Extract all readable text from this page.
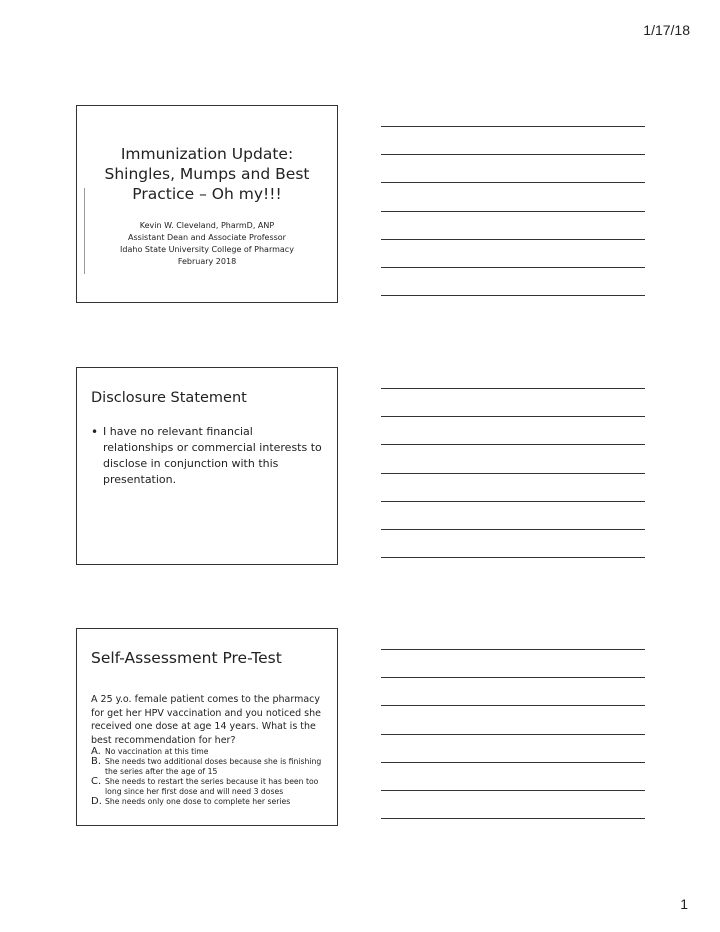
1/17/18
Immunization Update:
Shingles, Mumps and Best
Practice – Oh my!!!
Kevin W. Cleveland, PharmD, ANP
Assistant Dean and Associate Professor
Idaho State University College of Pharmacy
February 2018
Disclosure Statement
• I have no relevant financial relationships or commercial interests to disclose in conjunction with this presentation.
Self-Assessment Pre-Test
A 25 y.o. female patient comes to the pharmacy for get her HPV vaccination and you noticed she received one dose at age 14 years. What is the best recommendation for her?
A. No vaccination at this time
B. She needs two additional doses because she is finishing the series after the age of 15
C. She needs to restart the series because it has been too long since her first dose and will need 3 doses
D. She needs only one dose to complete her series
1
